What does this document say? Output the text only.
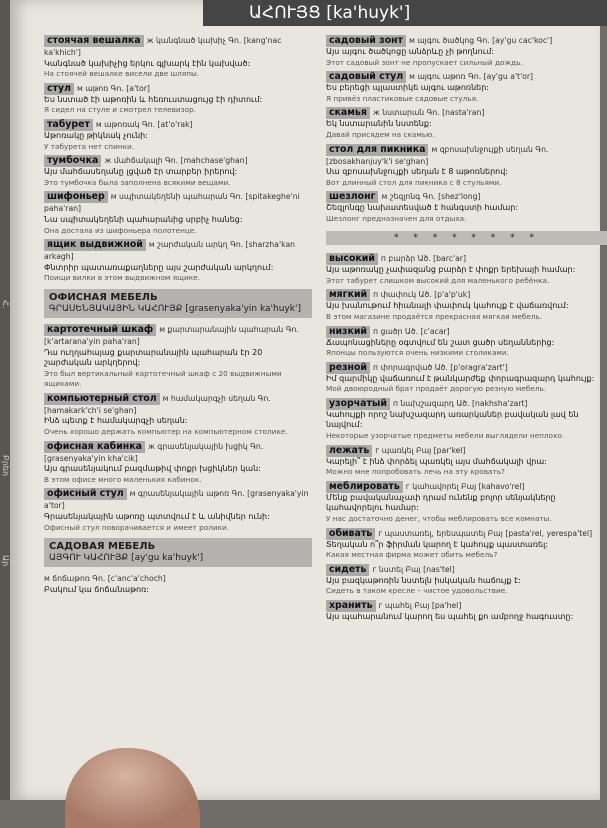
Հ.
Բրեո
Ար
ԱՀՈՒՅՑ [ka'huyk']
стоячая вешалка ж կանգնած կախիչ Գո. [kang'nac ka'khich']
Կանգնած կախիչից երկու գլխարկ էին կախված:
На стоячей вешалке висели две шляпы.
стул м աթոռ Գո. [a'tor]
Ես նստած էի աթոռին և հեռուստացույց էի դիտում:
Я сидел на стуле и смотрел телевизор.
табурет м աթոռակ Գո. [at'o'rak]
Աթոռակը թիկնակ չունի:
У табурета нет спинки.
тумбочка ж մահճակալի Գո. [mahchase'ghan]
Այս մահճասեղանը լցված էր տարբեր իրերով:
Это тумбочка была заполнена всякими вещами.
шифоньер м սպիտակեղենի պահարան Գո. [spitakeghe'ni paha'ran]
Նա սպիտակեղենի պահարանից սրբիչ հանեց:
Она достала из шифоньера полотенце.
ящик выдвижной м շարժական արկղ Գո. [sharzha'kan arkagh]
Փնտրիր պատառաքաղները այս շարժական արկղում:
Поищи вилки в этом выдвижном ящике.
ОФИСНАЯ МЕБЕЛЬ
ԳՐԱՍԵՆՅԱԿԱՅԻՆ ԿԱՀՈՒՅՔ [grasenyaka'yin ka'huyk']
картотечный шкаф м քարտարանային պահարան Գո. [k'artarana'yin paha'ran]
Դա ուղղահայաց քարտարանային պահարան էր 20 շարժական արկղերով:
Это был вертикальный картотечный шкаф с 20 выдвижными ящиками.
компьютерный стол м համակարգչի սեղան Գո. [hamakark'ch'i se'ghan]
Ինձ պետք է համակարգչի սեղան:
Очень хорошо держать компьютер на компьютерном столике.
офисная кабинка ж գրասենյակային խցիկ Գո. [grasenyaka'yin kha'cik]
Այս գրասենյակում բազմաթիվ փոքր խցիկներ կան:
В этом офисе много маленьких кабинок.
офисный стул м գրասենյակային աթոռ Գո. [grasenyaka'yin a'tor]
Գրասենյակային աթոռը պտտվում է և անիվներ ունի:
Офисный стул поворачивается и имеет ролики.
САДОВАЯ МЕБЕЛЬ
ԱՅԳՈՒ ԿԱՀՈՒՅՔ [ay'gu ka'huyk']
м ճոճաթոռ Գո. [c'anc'a'choch]
Բակում կա ճոճանաթոռ:
садовый зонт м այգու ծածկոց Գո. [ay'gu cac'koc']
Այս այգու ծածկոցը անձրևը չի թողնում:
Этот садовый зонт не пропускает сильный дождь.
садовый стул м այգու աթոռ Գո. [ay'gu a't'or]
Ես բերեցի պլաստիկե այգու աթոռներ:
Я привёз пластиковые садовые стулья.
скамья ж նստարան Գո. [nasta'ran]
Եկ նստարանին նստենք:
Давай присядем на скамью.
стол для пикника м զբոսախնջույքի սեղան Գո. [zbosakhanjuy'k'i se'ghan]
Սա զբոսախնջույքի սեղան է 8 աթոռներով:
Вот длинный стол для пикника с 8 стульями.
шезлонг м շեզլոնգ Գո. [shez'long]
Շեզլոնգը նախատեսված է հանգստի համար:
Шезлонг предназначен для отдыха.
* * * * * * * *
высокий п բարձր Ած. [barc'ar]
Այս աթոռակը չափազանց բարձր է փոքր երեխայի համար:
Этот табурет слишком высокий для маленького ребёнка.
мягкий п փափուկ Ած. [p'a'p'uk]
Այս խանութում հիանալի փափուկ կահույք է վաճառվում:
В этом магазине продаётся прекрасная мягкая мебель.
низкий п ցածր Ած. [c'acar]
Ճապոնացիները օգտվում են շատ ցածր սեղաններից:
Японцы пользуются очень низкими столиками.
резной п փորագրված Ած. [p'oragra'zart']
Իմ զարմիկը վաճառում է թանկարժեք փորագրազարդ կահույք:
Мой двоюродный брат продаёт дорогую резную мебель.
узорчатый п նախշազարդ Ած. [nakhsha'zart]
Կահույքի որոշ նախշազարդ առարկաներ բավական լավ են նայվում:
Некоторые узорчатые предметы мебели выглядели неплохо.
лежать г պառկել Բայ [par'kel]
Կարելի՞ է ինձ փորձել պառկել այս մահճակալի վրա:
Можно мне попробовать лечь на эту кровать?
меблировать г կահավորել Բայ [kahavo'rel]
Մենք բավականաչափ դրամ ունենք բոլոր սենյակները կահավորելու համար:
У нас достаточно денег, чтобы меблировать все комнаты.
обивать г պաստառել, երեսպատել Բայ [pasta'rel, yerespa'tel]
Տեղական ո՞ր ֆիրման կարող է կահույք պաստառել:
Какая местная фирма может обить мебель?
сидеть г նստել Բայ [nas'tel]
Այս բազկաթոռին նստելն իսկական հաճույք է:
Сидеть в таком кресле – чистое удовольствие.
хранить г պահել Բայ [pa'hel]
Այս պահարանում կարող ես պահել քո ամբողջ հագուստը:
